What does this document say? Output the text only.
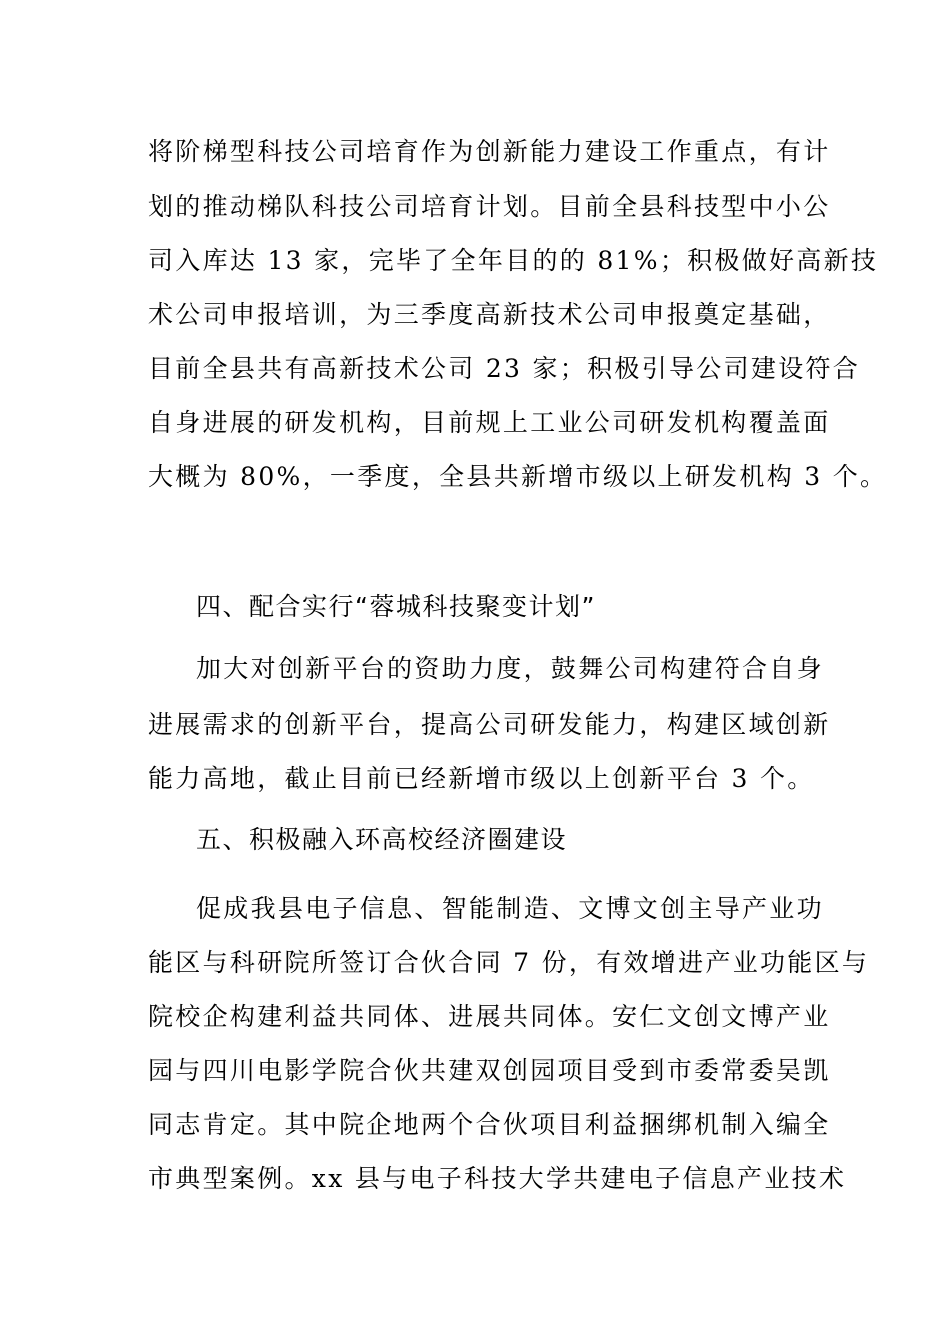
将阶梯型科技公司培育作为创新能力建设工作重点，有计
划的推动梯队科技公司培育计划。目前全县科技型中小公
司入库达 13 家，完毕了全年目的的 81%；积极做好高新技
术公司申报培训，为三季度高新技术公司申报奠定基础，
目前全县共有高新技术公司 23 家；积极引导公司建设符合
自身进展的研发机构，目前规上工业公司研发机构覆盖面
大概为 80%，一季度，全县共新增市级以上研发机构 3 个。
四、配合实行“蓉城科技聚变计划”
加大对创新平台的资助力度，鼓舞公司构建符合自身
进展需求的创新平台，提高公司研发能力，构建区域创新
能力高地，截止目前已经新增市级以上创新平台 3 个。
五、积极融入环高校经济圈建设
促成我县电子信息、智能制造、文博文创主导产业功
能区与科研院所签订合伙合同 7 份，有效增进产业功能区与
院校企构建利益共同体、进展共同体。安仁文创文博产业
园与四川电影学院合伙共建双创园项目受到市委常委吴凯
同志肯定。其中院企地两个合伙项目利益捆绑机制入编全
市典型案例。xx 县与电子科技大学共建电子信息产业技术
